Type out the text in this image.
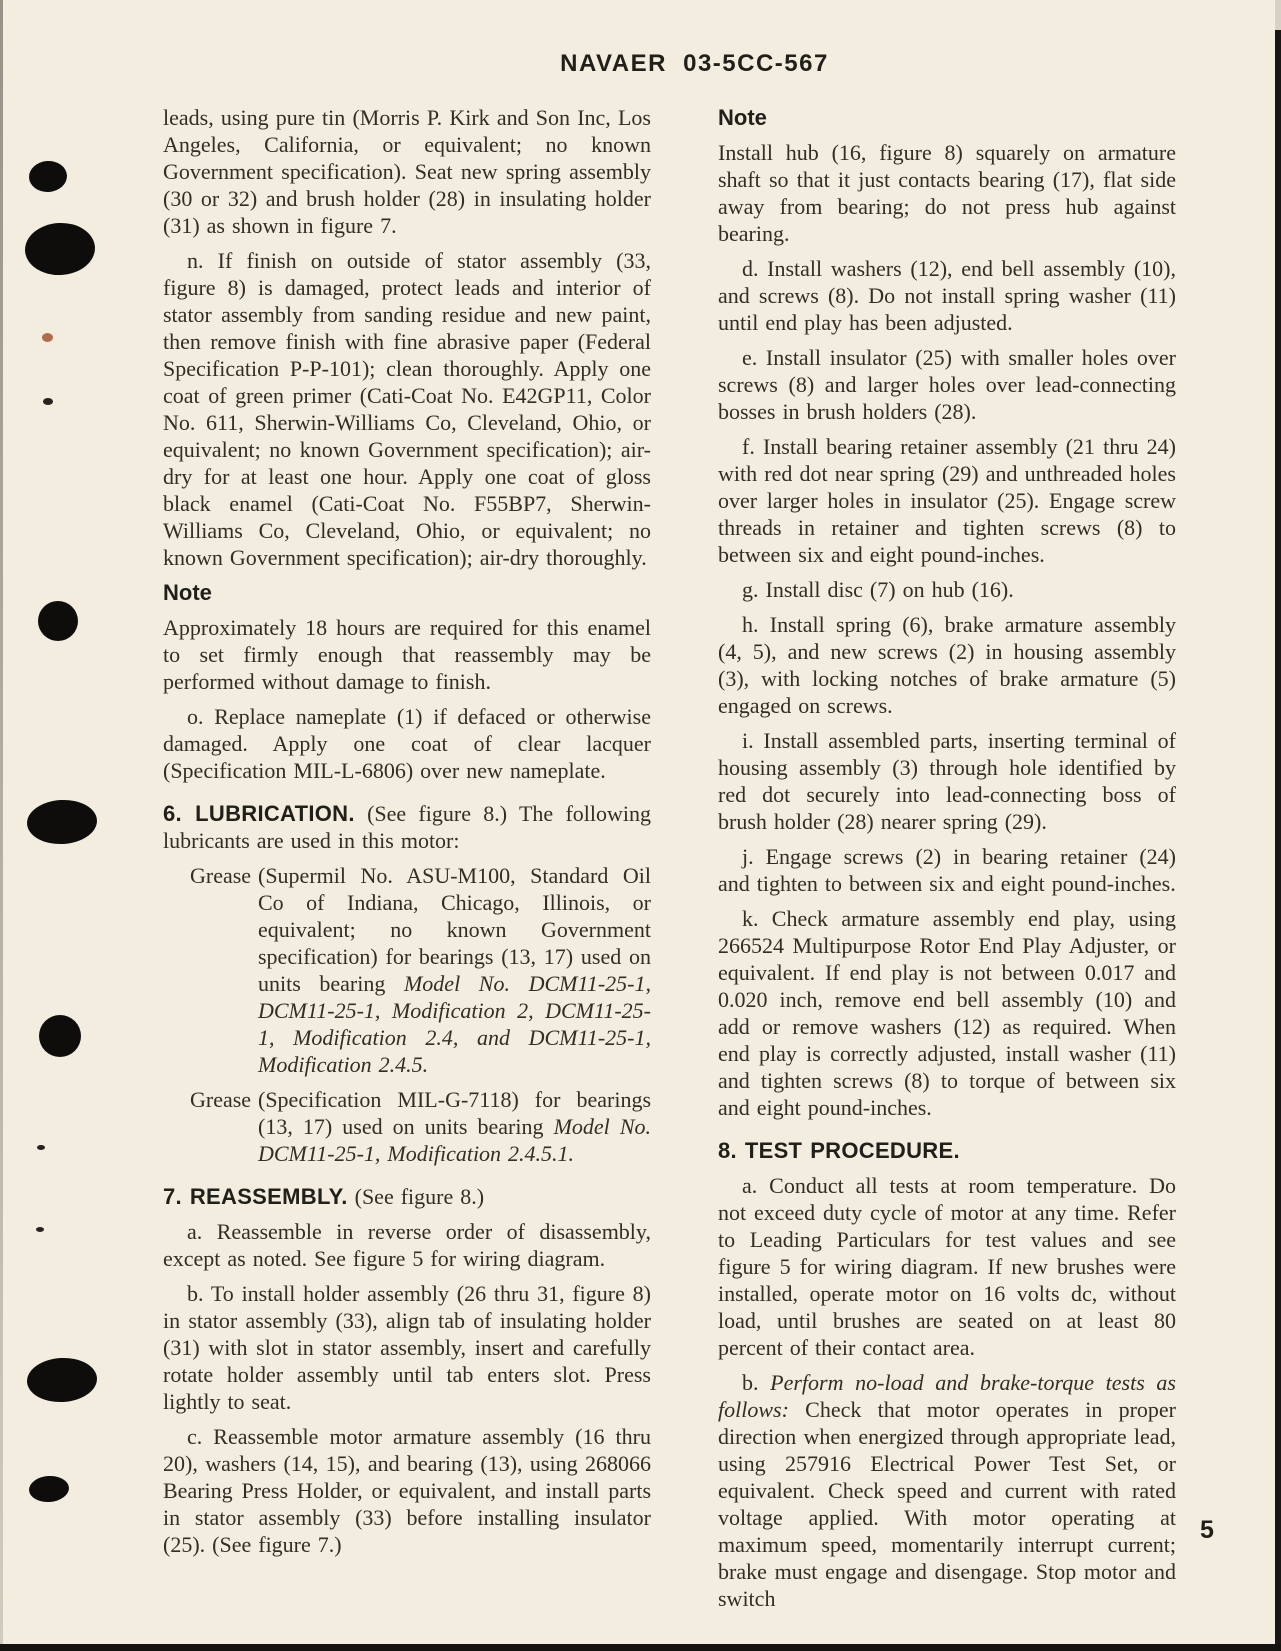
NAVAER 03-5CC-567

leads, using pure tin (Morris P. Kirk and Son Inc, Los Angeles, California, or equivalent; no known Government specification). Seat new spring assembly (30 or 32) and brush holder (28) in insulating holder (31) as shown in figure 7.

n. If finish on outside of stator assembly (33, figure 8) is damaged, protect leads and interior of stator assembly from sanding residue and new paint, then remove finish with fine abrasive paper (Federal Specification P-P-101); clean thoroughly. Apply one coat of green primer (Cati-Coat No. E42GP11, Color No. 611, Sherwin-Williams Co, Cleveland, Ohio, or equivalent; no known Government specification); air-dry for at least one hour. Apply one coat of gloss black enamel (Cati-Coat No. F55BP7, Sherwin-Williams Co, Cleveland, Ohio, or equivalent; no known Government specification); air-dry thoroughly.

Note

Approximately 18 hours are required for this enamel to set firmly enough that reassembly may be performed without damage to finish.

o. Replace nameplate (1) if defaced or otherwise damaged. Apply one coat of clear lacquer (Specification MIL-L-6806) over new nameplate.

6. LUBRICATION. (See figure 8.) The following lubricants are used in this motor:

Grease (Supermil No. ASU-M100, Standard Oil Co of Indiana, Chicago, Illinois, or equivalent; no known Government specification) for bearings (13, 17) used on units bearing Model No. DCM11-25-1, DCM11-25-1, Modification 2, DCM11-25-1, Modification 2.4, and DCM11-25-1, Modification 2.4.5.

Grease (Specification MIL-G-7118) for bearings (13, 17) used on units bearing Model No. DCM11-25-1, Modification 2.4.5.1.

7. REASSEMBLY. (See figure 8.)

a. Reassemble in reverse order of disassembly, except as noted. See figure 5 for wiring diagram.

b. To install holder assembly (26 thru 31, figure 8) in stator assembly (33), align tab of insulating holder (31) with slot in stator assembly, insert and carefully rotate holder assembly until tab enters slot. Press lightly to seat.

c. Reassemble motor armature assembly (16 thru 20), washers (14, 15), and bearing (13), using 268066 Bearing Press Holder, or equivalent, and install parts in stator assembly (33) before installing insulator (25). (See figure 7.)

Note

Install hub (16, figure 8) squarely on armature shaft so that it just contacts bearing (17), flat side away from bearing; do not press hub against bearing.

d. Install washers (12), end bell assembly (10), and screws (8). Do not install spring washer (11) until end play has been adjusted.

e. Install insulator (25) with smaller holes over screws (8) and larger holes over lead-connecting bosses in brush holders (28).

f. Install bearing retainer assembly (21 thru 24) with red dot near spring (29) and unthreaded holes over larger holes in insulator (25). Engage screw threads in retainer and tighten screws (8) to between six and eight pound-inches.

g. Install disc (7) on hub (16).

h. Install spring (6), brake armature assembly (4, 5), and new screws (2) in housing assembly (3), with locking notches of brake armature (5) engaged on screws.

i. Install assembled parts, inserting terminal of housing assembly (3) through hole identified by red dot securely into lead-connecting boss of brush holder (28) nearer spring (29).

j. Engage screws (2) in bearing retainer (24) and tighten to between six and eight pound-inches.

k. Check armature assembly end play, using 266524 Multipurpose Rotor End Play Adjuster, or equivalent. If end play is not between 0.017 and 0.020 inch, remove end bell assembly (10) and add or remove washers (12) as required. When end play is correctly adjusted, install washer (11) and tighten screws (8) to torque of between six and eight pound-inches.

8. TEST PROCEDURE.

a. Conduct all tests at room temperature. Do not exceed duty cycle of motor at any time. Refer to Leading Particulars for test values and see figure 5 for wiring diagram. If new brushes were installed, operate motor on 16 volts dc, without load, until brushes are seated on at least 80 percent of their contact area.

b. Perform no-load and brake-torque tests as follows: Check that motor operates in proper direction when energized through appropriate lead, using 257916 Electrical Power Test Set, or equivalent. Check speed and current with rated voltage applied. With motor operating at maximum speed, momentarily interrupt current; brake must engage and disengage. Stop motor and switch

5
